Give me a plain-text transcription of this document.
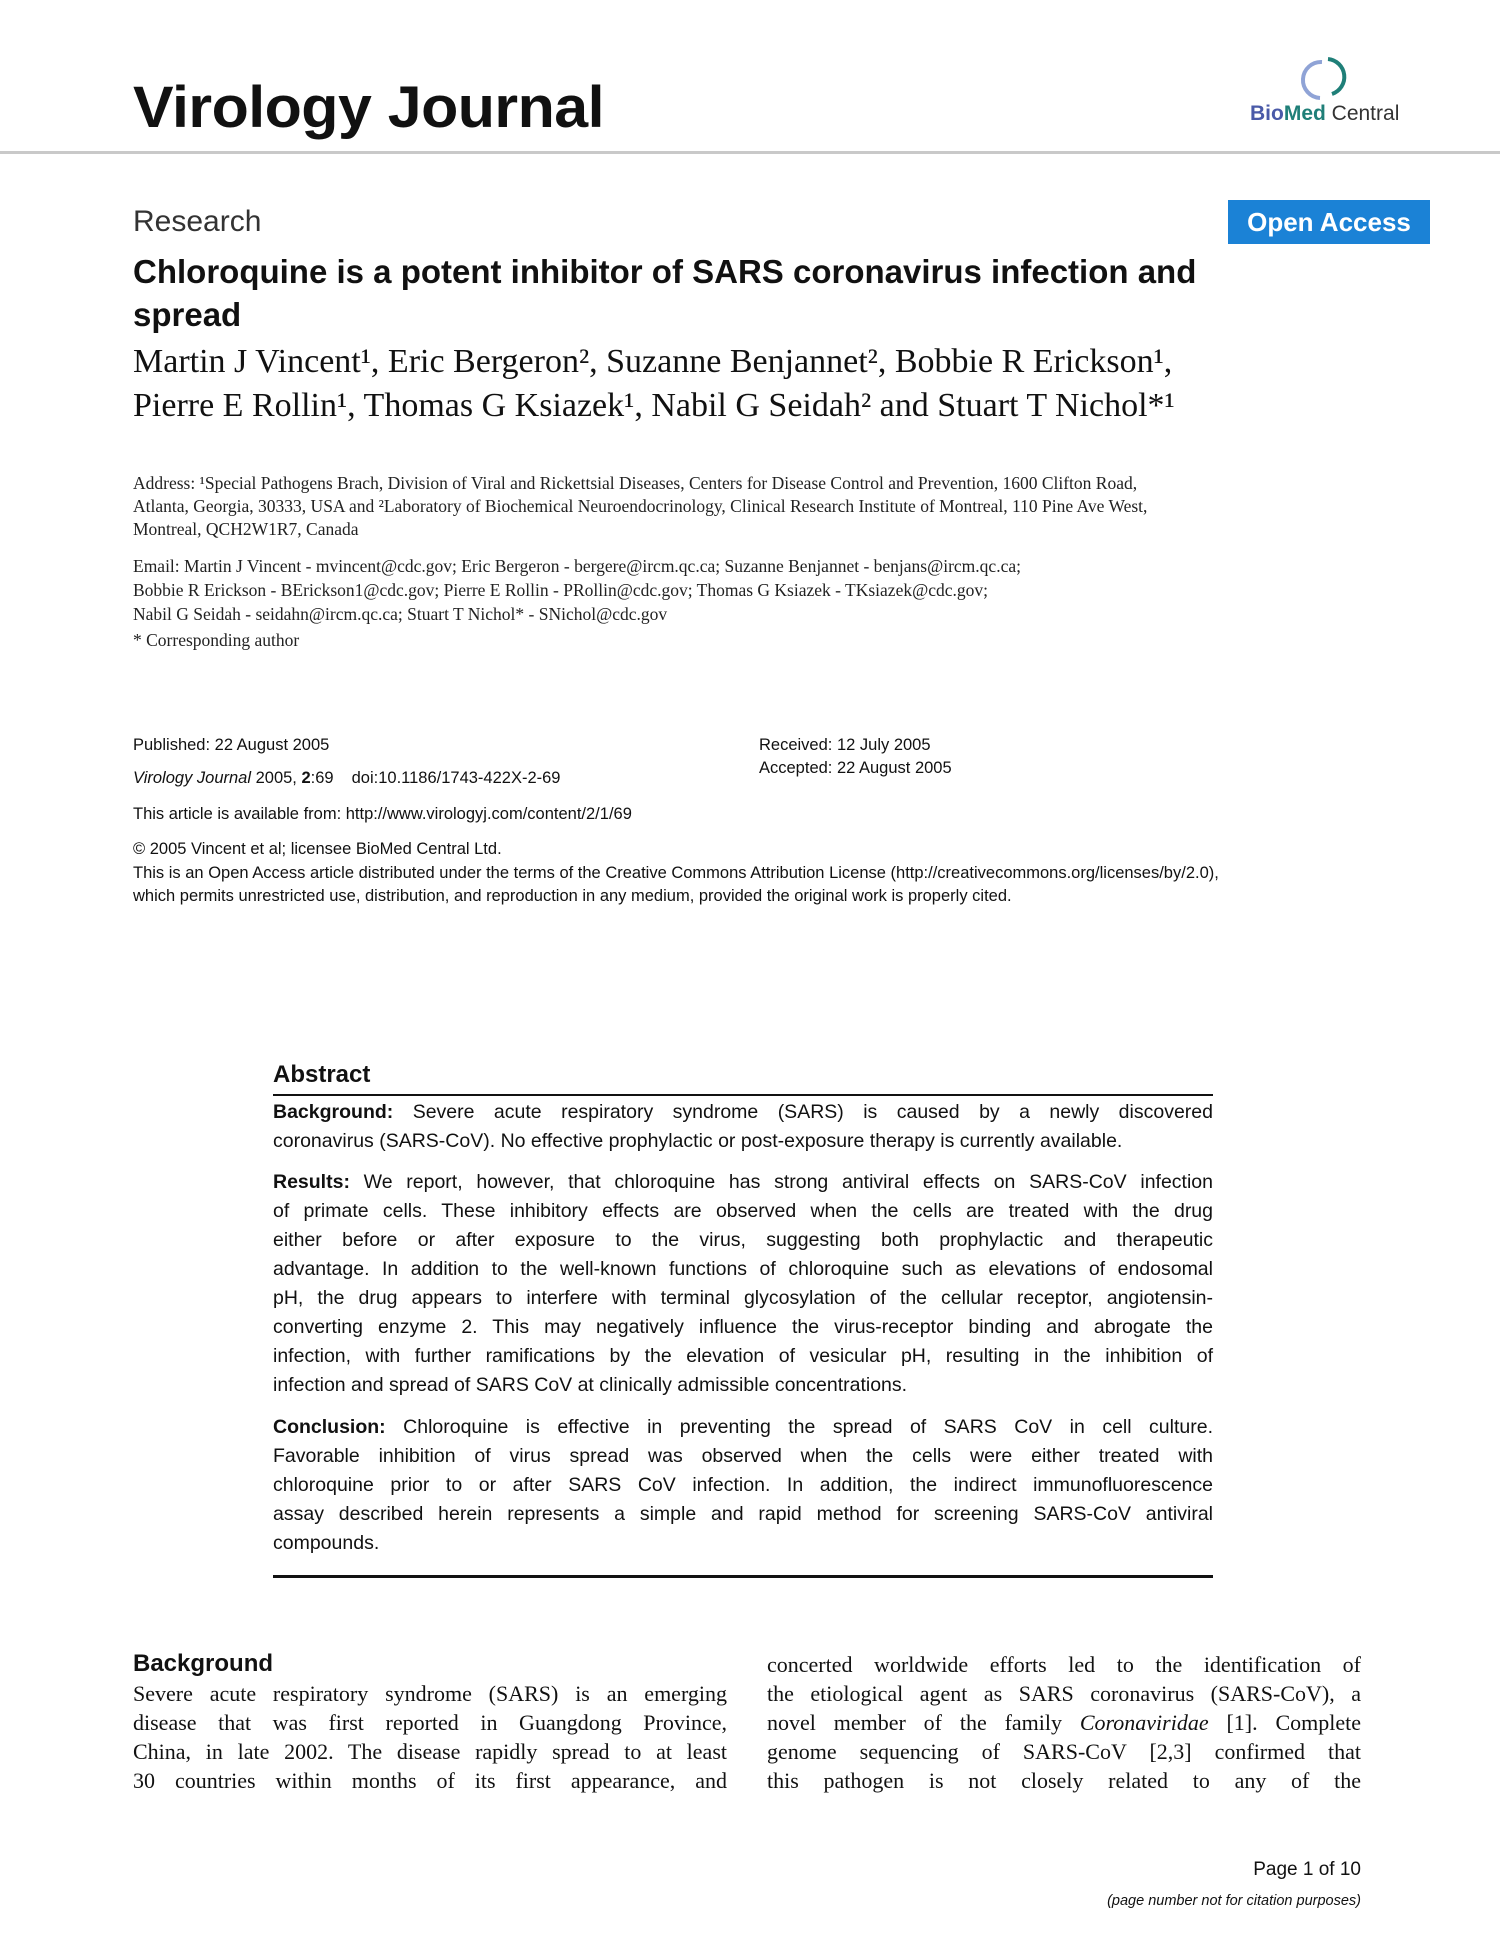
Virology Journal	BioMed Central
Research	Open Access
Chloroquine is a potent inhibitor of SARS coronavirus infection and
spread
Martin J Vincent¹, Eric Bergeron², Suzanne Benjannet², Bobbie R Erickson¹,
Pierre E Rollin¹, Thomas G Ksiazek¹, Nabil G Seidah² and Stuart T Nichol*¹
Address: ¹Special Pathogens Brach, Division of Viral and Rickettsial Diseases, Centers for Disease Control and Prevention, 1600 Clifton Road,
Atlanta, Georgia, 30333, USA and ²Laboratory of Biochemical Neuroendocrinology, Clinical Research Institute of Montreal, 110 Pine Ave West,
Montreal, QCH2W1R7, Canada
Email: Martin J Vincent - mvincent@cdc.gov; Eric Bergeron - bergere@ircm.qc.ca; Suzanne Benjannet - benjans@ircm.qc.ca;
Bobbie R Erickson - BErickson1@cdc.gov; Pierre E Rollin - PRollin@cdc.gov; Thomas G Ksiazek - TKsiazek@cdc.gov;
Nabil G Seidah - seidahn@ircm.qc.ca; Stuart T Nichol* - SNichol@cdc.gov
* Corresponding author
Published: 22 August 2005
Virology Journal 2005, 2:69 doi:10.1186/1743-422X-2-69
This article is available from: http://www.virologyj.com/content/2/1/69
Received: 12 July 2005
Accepted: 22 August 2005
© 2005 Vincent et al; licensee BioMed Central Ltd.
This is an Open Access article distributed under the terms of the Creative Commons Attribution License (http://creativecommons.org/licenses/by/2.0),
which permits unrestricted use, distribution, and reproduction in any medium, provided the original work is properly cited.
Abstract
Background: Severe acute respiratory syndrome (SARS) is caused by a newly discovered
coronavirus (SARS-CoV). No effective prophylactic or post-exposure therapy is currently available.
Results: We report, however, that chloroquine has strong antiviral effects on SARS-CoV infection
of primate cells. These inhibitory effects are observed when the cells are treated with the drug
either before or after exposure to the virus, suggesting both prophylactic and therapeutic
advantage. In addition to the well-known functions of chloroquine such as elevations of endosomal
pH, the drug appears to interfere with terminal glycosylation of the cellular receptor, angiotensin-
converting enzyme 2. This may negatively influence the virus-receptor binding and abrogate the
infection, with further ramifications by the elevation of vesicular pH, resulting in the inhibition of
infection and spread of SARS CoV at clinically admissible concentrations.
Conclusion: Chloroquine is effective in preventing the spread of SARS CoV in cell culture.
Favorable inhibition of virus spread was observed when the cells were either treated with
chloroquine prior to or after SARS CoV infection. In addition, the indirect immunofluorescence
assay described herein represents a simple and rapid method for screening SARS-CoV antiviral
compounds.
Background
Severe acute respiratory syndrome (SARS) is an emerging
disease that was first reported in Guangdong Province,
China, in late 2002. The disease rapidly spread to at least
30 countries within months of its first appearance, and
concerted worldwide efforts led to the identification of
the etiological agent as SARS coronavirus (SARS-CoV), a
novel member of the family Coronaviridae [1]. Complete
genome sequencing of SARS-CoV [2,3] confirmed that
this pathogen is not closely related to any of the
Page 1 of 10
(page number not for citation purposes)
